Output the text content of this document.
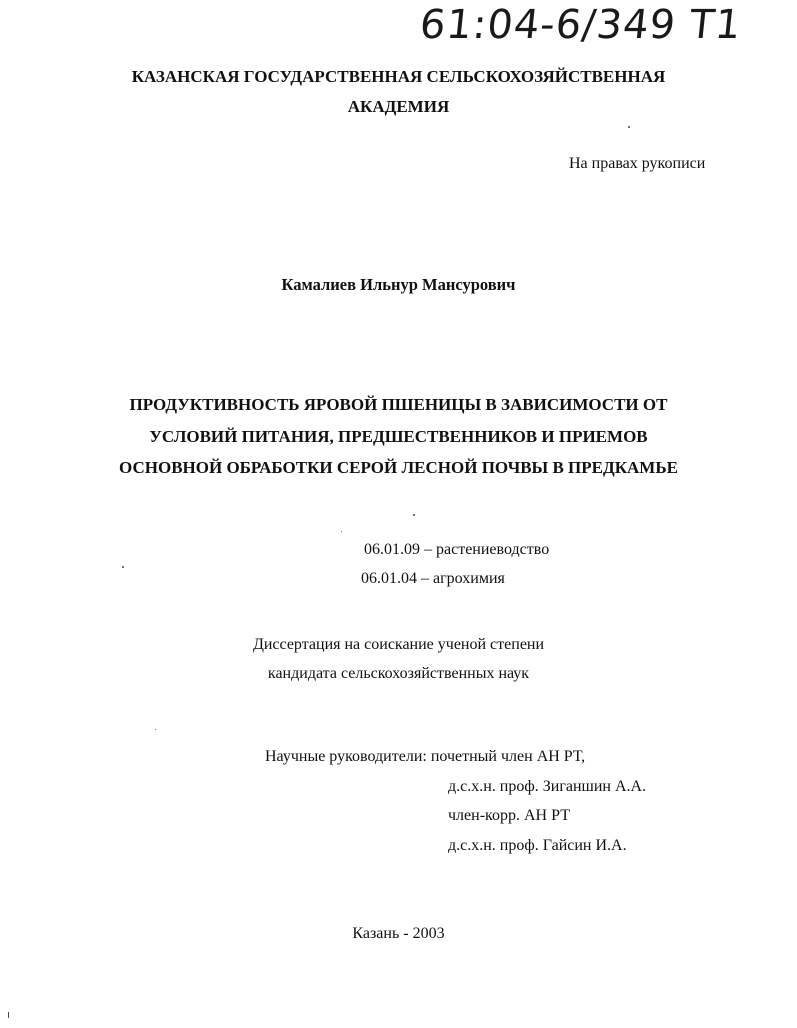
61:04-6/349 T1
КАЗАНСКАЯ ГОСУДАРСТВЕННАЯ СЕЛЬСКОХОЗЯЙСТВЕННАЯ
АКАДЕМИЯ
На правах рукописи
Камалиев Ильнур Мансурович
ПРОДУКТИВНОСТЬ ЯРОВОЙ ПШЕНИЦЫ В ЗАВИСИМОСТИ ОТ
УСЛОВИЙ ПИТАНИЯ, ПРЕДШЕСТВЕННИКОВ И ПРИЕМОВ
ОСНОВНОЙ ОБРАБОТКИ СЕРОЙ ЛЕСНОЙ ПОЧВЫ В ПРЕДКАМЬЕ
06.01.09 – растениеводство
06.01.04 – агрохимия
Диссертация на соискание ученой степени
кандидата сельскохозяйственных наук
Научные руководители: почетный член АН РТ,
д.с.х.н. проф. Зиганшин А.А.
член-корр. АН РТ
д.с.х.н. проф. Гайсин И.А.
Казань - 2003
